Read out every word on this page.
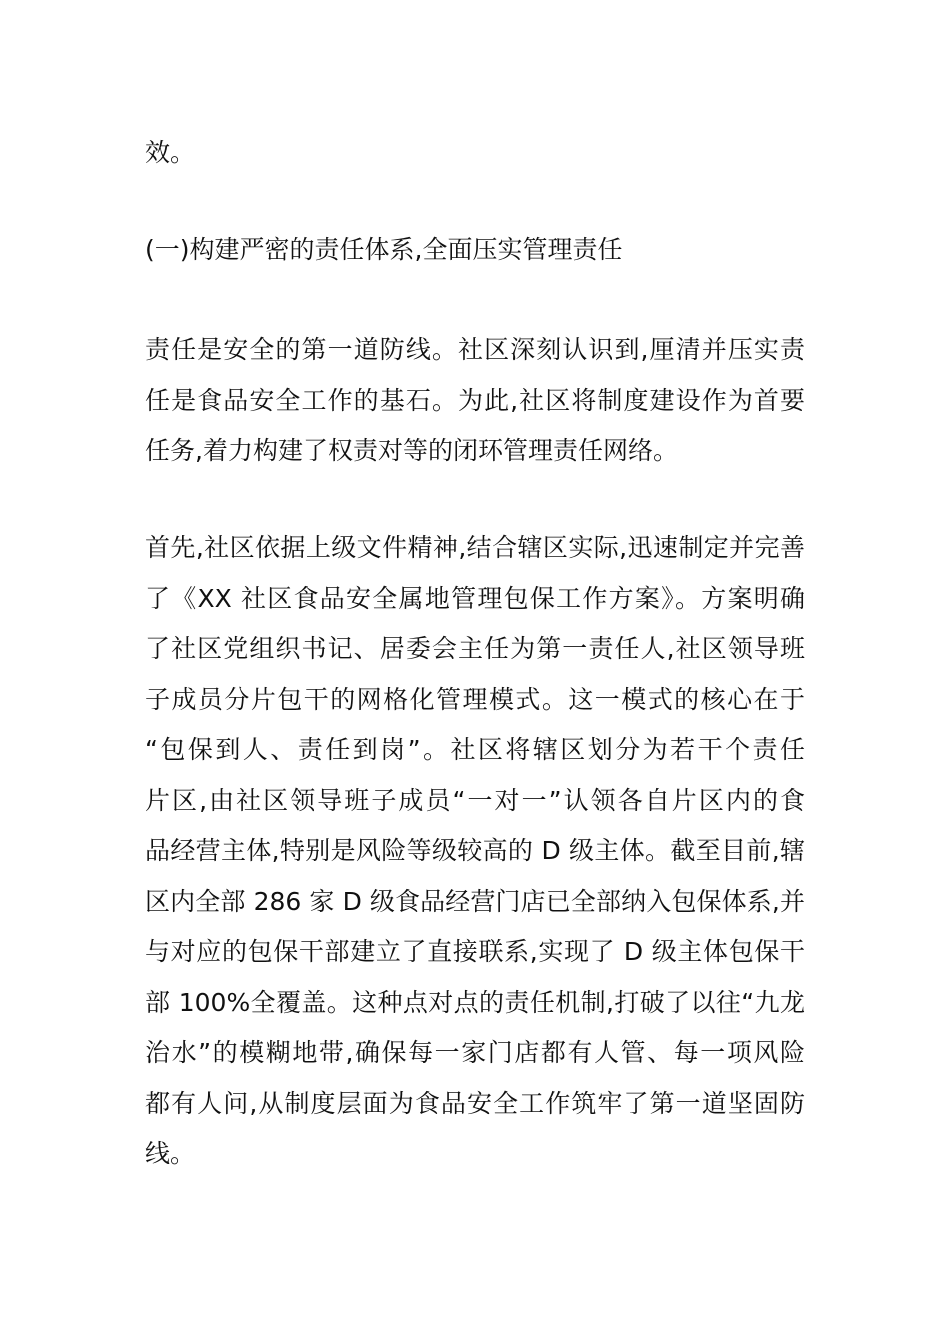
效。
(一)构建严密的责任体系,全面压实管理责任
责任是安全的第一道防线。社区深刻认识到,厘清并压实责
任是食品安全工作的基石。为此,社区将制度建设作为首要
任务,着力构建了权责对等的闭环管理责任网络。
首先,社区依据上级文件精神,结合辖区实际,迅速制定并完善
了《XX 社区食品安全属地管理包保工作方案》。方案明确
了社区党组织书记、居委会主任为第一责任人,社区领导班
子成员分片包干的网格化管理模式。这一模式的核心在于
“包保到人、责任到岗”。社区将辖区划分为若干个责任
片区,由社区领导班子成员“一对一”认领各自片区内的食
品经营主体,特别是风险等级较高的 D 级主体。截至目前,辖
区内全部 286 家 D 级食品经营门店已全部纳入包保体系,并
与对应的包保干部建立了直接联系,实现了 D 级主体包保干
部 100%全覆盖。这种点对点的责任机制,打破了以往“九龙
治水”的模糊地带,确保每一家门店都有人管、每一项风险
都有人问,从制度层面为食品安全工作筑牢了第一道坚固防
线。
